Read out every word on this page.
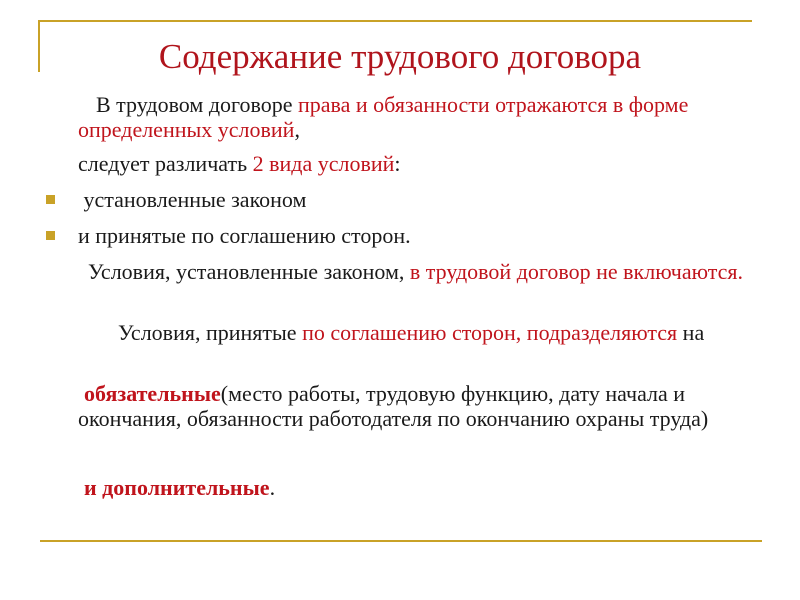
Содержание трудового договора

В трудовом договоре права и обязанности отражаются в форме определенных условий,

следует различать 2 вида условий:

установленные законом

и принятые по соглашению сторон.

Условия, установленные законом, в трудовой договор не включаются.

Условия, принятые по соглашению сторон, подразделяются на

обязательные(место работы, трудовую функцию, дату начала и окончания, обязанности работодателя по окончанию охраны труда)

и дополнительные.
